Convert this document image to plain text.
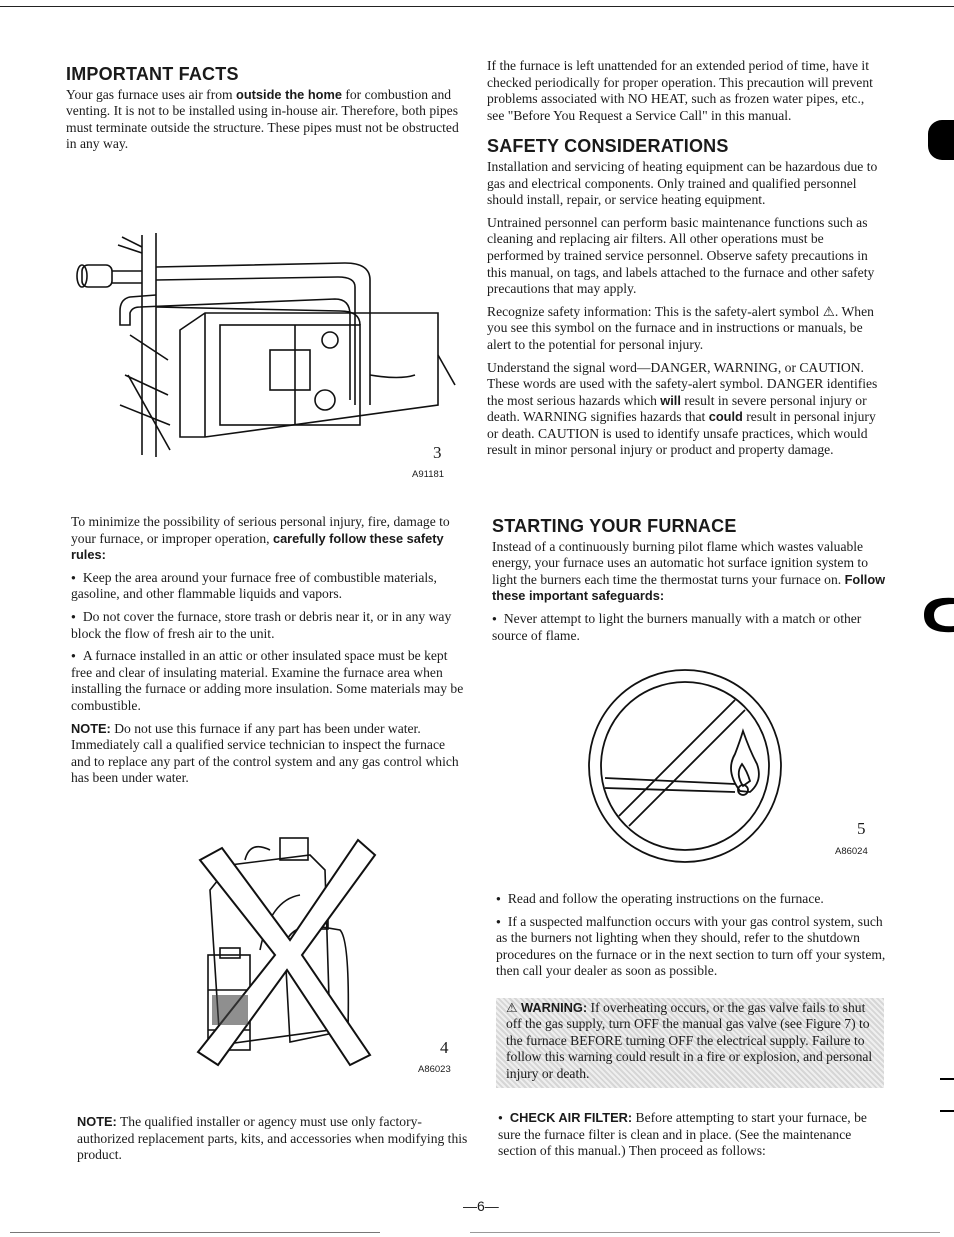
IMPORTANT FACTS

Your gas furnace uses air from outside the home for combustion and venting. It is not to be installed using in-house air. Therefore, both pipes must terminate outside the structure. These pipes must not be obstructed in any way.

3
A91181

To minimize the possibility of serious personal injury, fire, damage to your furnace, or improper operation, carefully follow these safety rules:

● Keep the area around your furnace free of combustible materials, gasoline, and other flammable liquids and vapors.

● Do not cover the furnace, store trash or debris near it, or in any way block the flow of fresh air to the unit.

● A furnace installed in an attic or other insulated space must be kept free and clear of insulating material. Examine the furnace area when installing the furnace or adding more insulation. Some materials may be combustible.

NOTE: Do not use this furnace if any part has been under water. Immediately call a qualified service technician to inspect the furnace and to replace any part of the control system and any gas control which has been under water.

4
A86023

NOTE: The qualified installer or agency must use only factory-authorized replacement parts, kits, and accessories when modifying this product.

If the furnace is left unattended for an extended period of time, have it checked periodically for proper operation. This precaution will prevent problems associated with NO HEAT, such as frozen water pipes, etc., see "Before You Request a Service Call" in this manual.

SAFETY CONSIDERATIONS

Installation and servicing of heating equipment can be hazardous due to gas and electrical components. Only trained and qualified personnel should install, repair, or service heating equipment.

Untrained personnel can perform basic maintenance functions such as cleaning and replacing air filters. All other operations must be performed by trained service personnel. Observe safety precautions in this manual, on tags, and labels attached to the furnace and other safety precautions that may apply.

Recognize safety information: This is the safety-alert symbol ⚠. When you see this symbol on the furnace and in instructions or manuals, be alert to the potential for personal injury.

Understand the signal word—DANGER, WARNING, or CAUTION. These words are used with the safety-alert symbol. DANGER identifies the most serious hazards which will result in severe personal injury or death. WARNING signifies hazards that could result in personal injury or death. CAUTION is used to identify unsafe practices, which would result in minor personal injury or product and property damage.

STARTING YOUR FURNACE

Instead of a continuously burning pilot flame which wastes valuable energy, your furnace uses an automatic hot surface ignition system to light the burners each time the thermostat turns your furnace on. Follow these important safeguards:

● Never attempt to light the burners manually with a match or other source of flame.

5
A86024

● Read and follow the operating instructions on the furnace.

● If a suspected malfunction occurs with your gas control system, such as the burners not lighting when they should, refer to the shutdown procedures on the furnace or in the next section to turn off your system, then call your dealer as soon as possible.

⚠ WARNING: If overheating occurs, or the gas valve fails to shut off the gas supply, turn OFF the manual gas valve (see Figure 7) to the furnace BEFORE turning OFF the electrical supply. Failure to follow this warning could result in a fire or explosion, and personal injury or death.

● CHECK AIR FILTER: Before attempting to start your furnace, be sure the furnace filter is clean and in place. (See the maintenance section of this manual.) Then proceed as follows:

—6—
